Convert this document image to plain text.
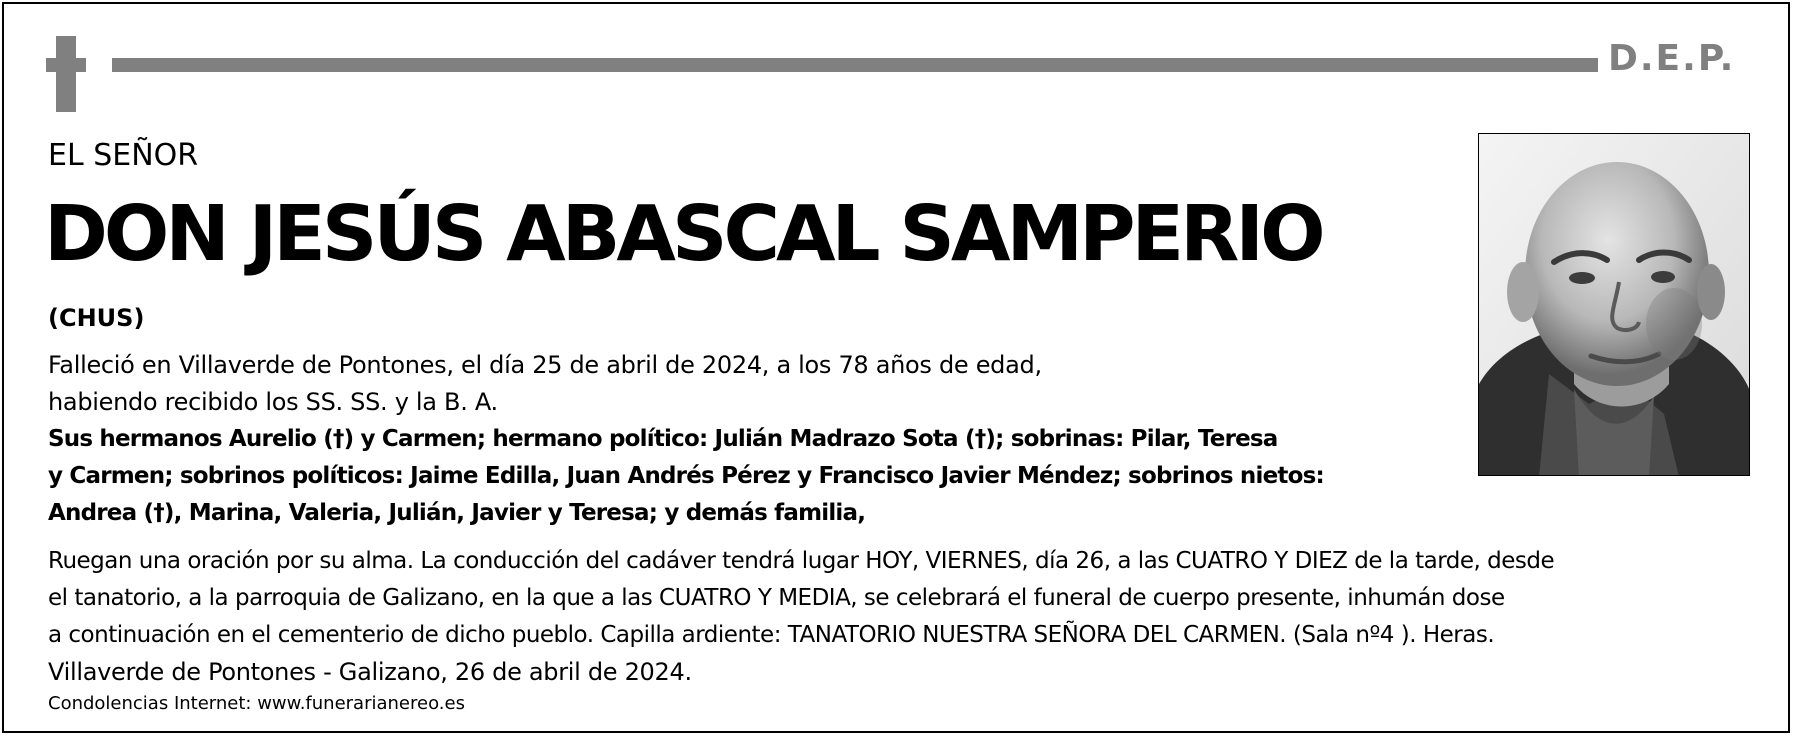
D.E.P.
EL SEÑOR
DON JESÚS ABASCAL SAMPERIO
(CHUS)
Falleció en Villaverde de Pontones, el día 25 de abril de 2024, a los 78 años de edad,
habiendo recibido los SS. SS. y la B. A.
Sus hermanos Aurelio (†) y Carmen; hermano político: Julián Madrazo Sota (†); sobrinas: Pilar, Teresa
y Carmen; sobrinos políticos: Jaime Edilla, Juan Andrés Pérez y Francisco Javier Méndez; sobrinos nietos:
Andrea (†), Marina, Valeria, Julián, Javier y Teresa; y demás familia,
Ruegan una oración por su alma. La conducción del cadáver tendrá lugar HOY, VIERNES, día 26, a las CUATRO Y DIEZ de la tarde, desde
el tanatorio, a la parroquia de Galizano, en la que a las CUATRO Y MEDIA, se celebrará el funeral de cuerpo presente, inhumán dose
a continuación en el cementerio de dicho pueblo. Capilla ardiente: TANATORIO NUESTRA SEÑORA DEL CARMEN. (Sala nº4 ). Heras.
Villaverde de Pontones - Galizano, 26 de abril de 2024.
Condolencias Internet: www.funerarianereo.es
